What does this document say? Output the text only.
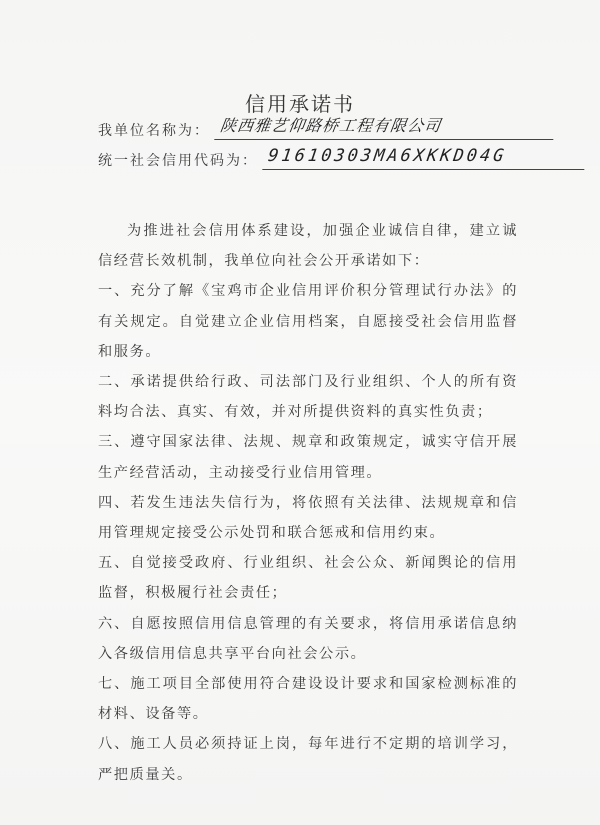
信用承诺书
我单位名称为： 陕西雅艺仰路桥工程有限公司
统一社会信用代码为： 91610303MA6XKKD04G

为推进社会信用体系建设，加强企业诚信自律，建立诚信经营长效机制，我单位向社会公开承诺如下：

一、充分了解《宝鸡市企业信用评价积分管理试行办法》的有关规定。自觉建立企业信用档案，自愿接受社会信用监督和服务。

二、承诺提供给行政、司法部门及行业组织、个人的所有资料均合法、真实、有效，并对所提供资料的真实性负责；

三、遵守国家法律、法规、规章和政策规定，诚实守信开展生产经营活动，主动接受行业信用管理。

四、若发生违法失信行为，将依照有关法律、法规规章和信用管理规定接受公示处罚和联合惩戒和信用约束。

五、自觉接受政府、行业组织、社会公众、新闻舆论的信用监督，积极履行社会责任；

六、自愿按照信用信息管理的有关要求，将信用承诺信息纳入各级信用信息共享平台向社会公示。

七、施工项目全部使用符合建设设计要求和国家检测标准的材料、设备等。

八、施工人员必须持证上岗，每年进行不定期的培训学习，严把质量关。
